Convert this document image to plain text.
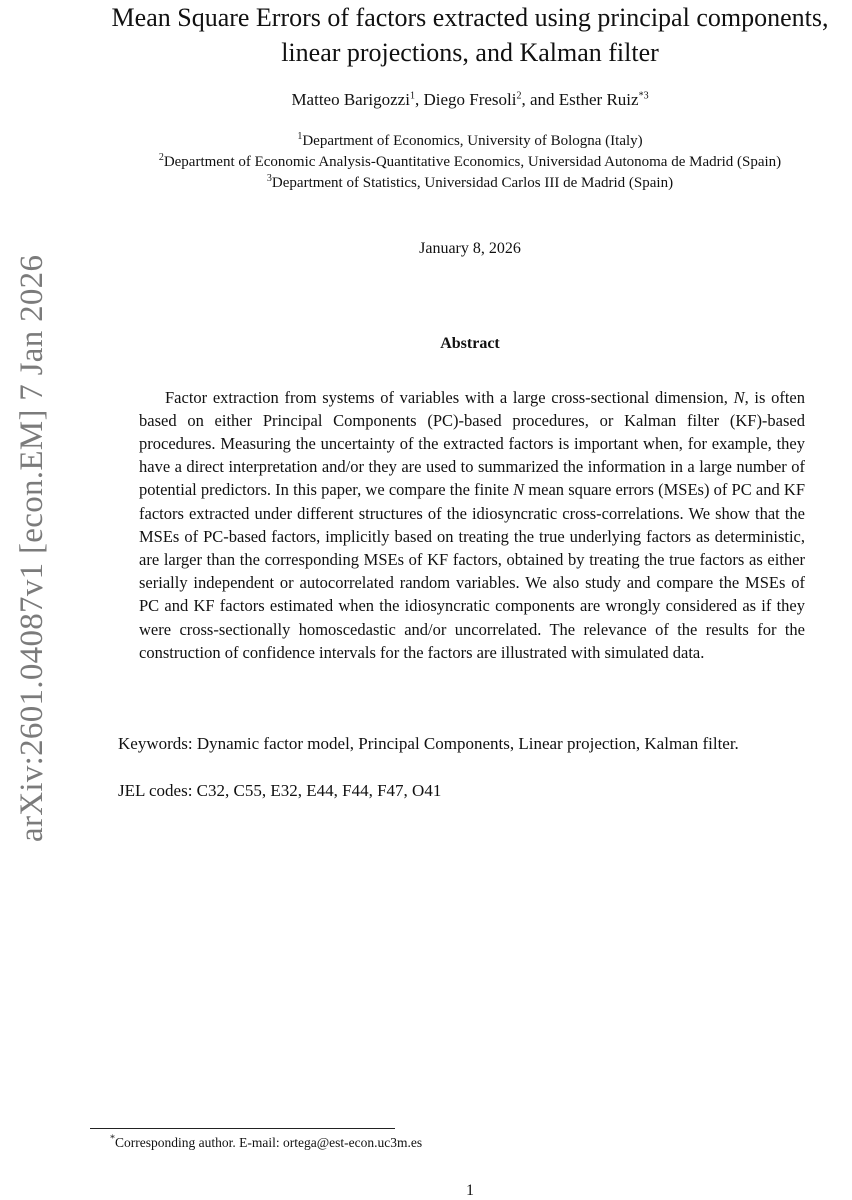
arXiv:2601.04087v1 [econ.EM] 7 Jan 2026
Mean Square Errors of factors extracted using principal components, linear projections, and Kalman filter
Matteo Barigozzi$^1$, Diego Fresoli$^2$, and Esther Ruiz$^{*3}$
$^1$Department of Economics, University of Bologna (Italy)
$^2$Department of Economic Analysis-Quantitative Economics, Universidad Autonoma de Madrid (Spain)
$^3$Department of Statistics, Universidad Carlos III de Madrid (Spain)
January 8, 2026
Abstract

Factor extraction from systems of variables with a large cross-sectional dimension, N, is often based on either Principal Components (PC)-based procedures, or Kalman filter (KF)-based procedures. Measuring the uncertainty of the extracted factors is important when, for example, they have a direct interpretation and/or they are used to summarized the information in a large number of potential predictors. In this paper, we compare the finite N mean square errors (MSEs) of PC and KF factors extracted under different structures of the idiosyncratic cross-correlations. We show that the MSEs of PC-based factors, implicitly based on treating the true underlying factors as deterministic, are larger than the corresponding MSEs of KF factors, obtained by treating the true factors as either serially independent or autocorrelated random variables. We also study and compare the MSEs of PC and KF factors estimated when the idiosyncratic components are wrongly considered as if they were cross-sectionally homoscedastic and/or uncorrelated. The relevance of the results for the construction of confidence intervals for the factors are illustrated with simulated data.

Keywords: Dynamic factor model, Principal Components, Linear projection, Kalman filter.
JEL codes: C32, C55, E32, E44, F44, F47, O41
*Corresponding author. E-mail: ortega@est-econ.uc3m.es
1
